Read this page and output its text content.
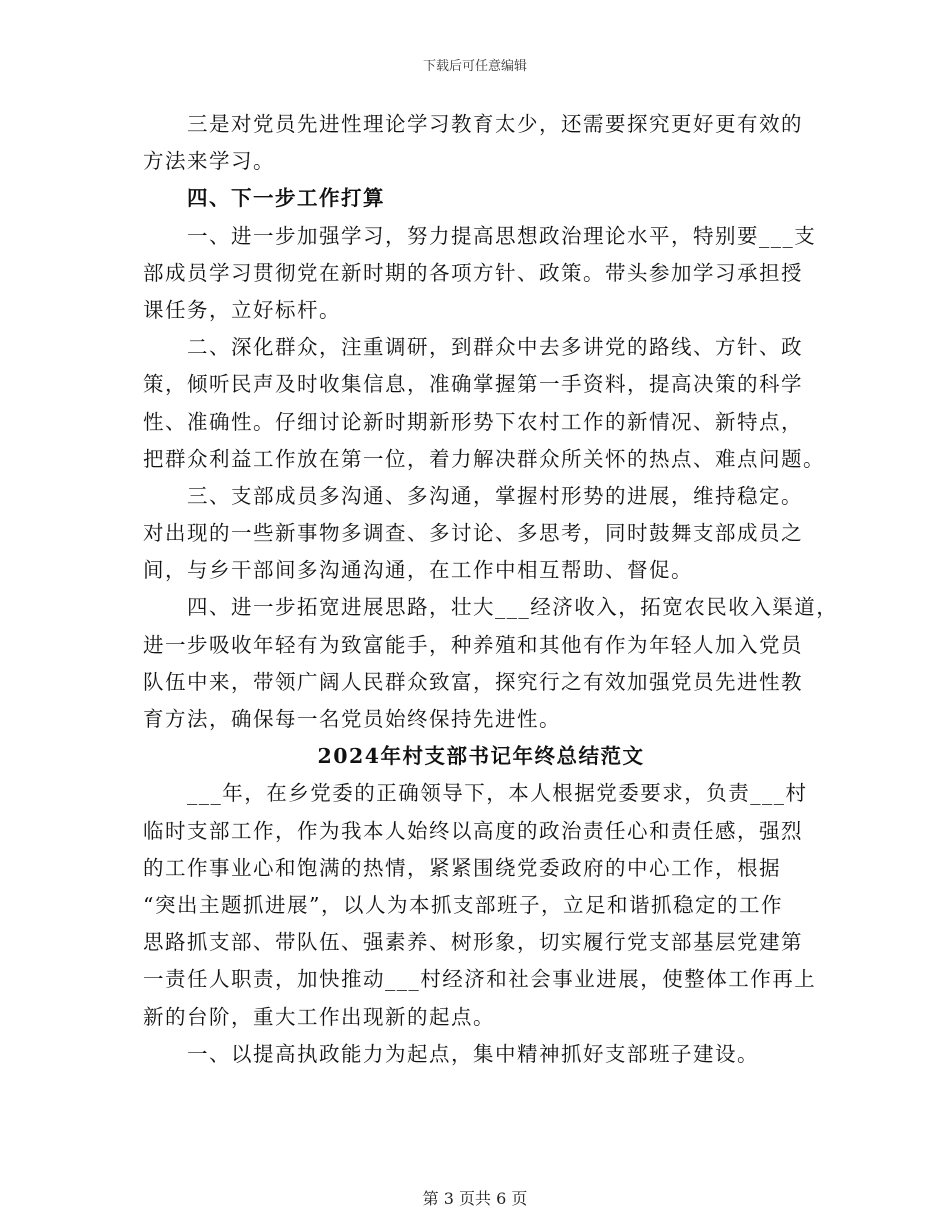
下载后可任意编辑
三是对党员先进性理论学习教育太少，还需要探究更好更有效的
方法来学习。
四、下一步工作打算
一、进一步加强学习，努力提高思想政治理论水平，特别要___支
部成员学习贯彻党在新时期的各项方针、政策。带头参加学习承担授
课任务，立好标杆。
二、深化群众，注重调研，到群众中去多讲党的路线、方针、政
策，倾听民声及时收集信息，准确掌握第一手资料，提高决策的科学
性、准确性。仔细讨论新时期新形势下农村工作的新情况、新特点，
把群众利益工作放在第一位，着力解决群众所关怀的热点、难点问题。
三、支部成员多沟通、多沟通，掌握村形势的进展，维持稳定。
对出现的一些新事物多调查、多讨论、多思考，同时鼓舞支部成员之
间，与乡干部间多沟通沟通，在工作中相互帮助、督促。
四、进一步拓宽进展思路，壮大___经济收入，拓宽农民收入渠道，
进一步吸收年轻有为致富能手，种养殖和其他有作为年轻人加入党员
队伍中来，带领广阔人民群众致富，探究行之有效加强党员先进性教
育方法，确保每一名党员始终保持先进性。
2024年村支部书记年终总结范文
___年，在乡党委的正确领导下，本人根据党委要求，负责___村
临时支部工作，作为我本人始终以高度的政治责任心和责任感，强烈
的工作事业心和饱满的热情，紧紧围绕党委政府的中心工作，根据
“突出主题抓进展”，以人为本抓支部班子，立足和谐抓稳定的工作
思路抓支部、带队伍、强素养、树形象，切实履行党支部基层党建第
一责任人职责，加快推动___村经济和社会事业进展，使整体工作再上
新的台阶，重大工作出现新的起点。
一、以提高执政能力为起点，集中精神抓好支部班子建设。
第 3 页共 6 页
